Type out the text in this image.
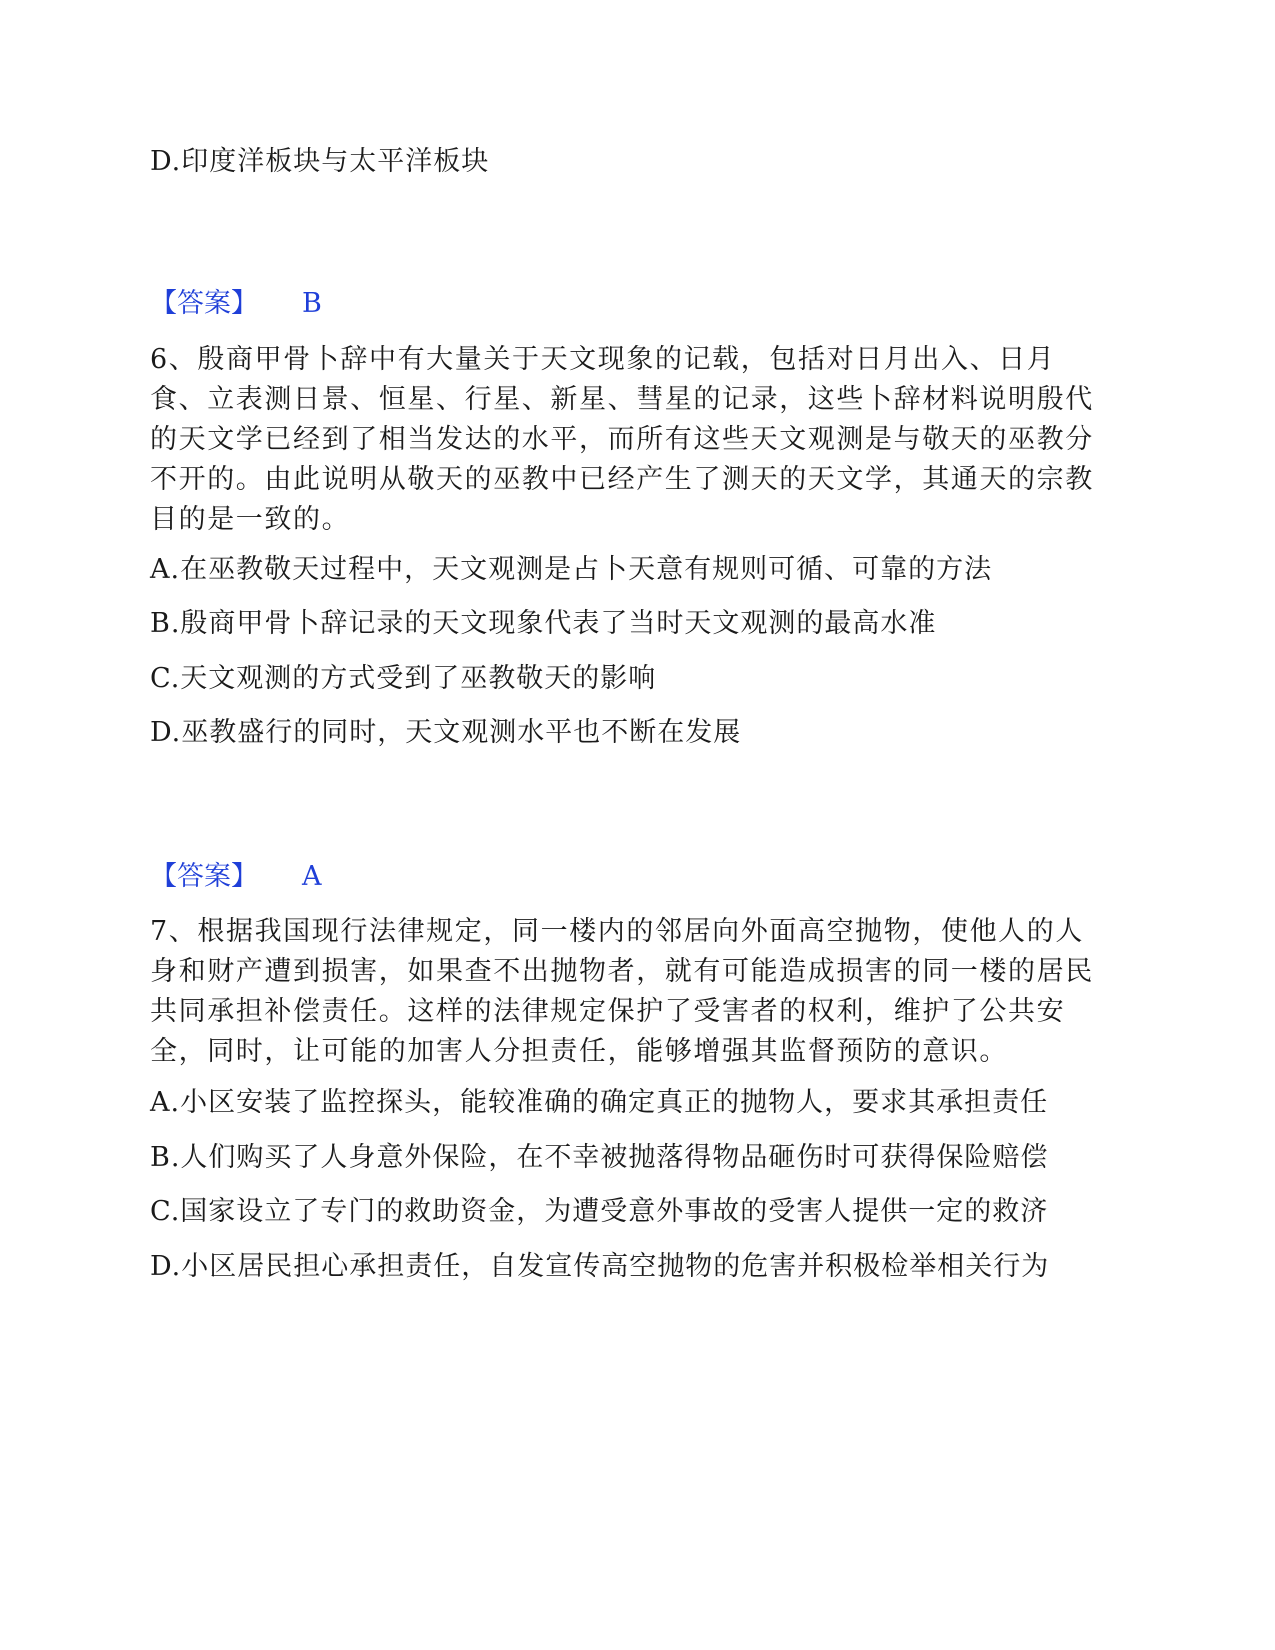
D.印度洋板块与太平洋板块
【答案】 B
6、殷商甲骨卜辞中有大量关于天文现象的记载，包括对日月出入、日月食、立表测日景、恒星、行星、新星、彗星的记录，这些卜辞材料说明殷代的天文学已经到了相当发达的水平，而所有这些天文观测是与敬天的巫教分不开的。由此说明从敬天的巫教中已经产生了测天的天文学，其通天的宗教目的是一致的。
A.在巫教敬天过程中，天文观测是占卜天意有规则可循、可靠的方法
B.殷商甲骨卜辞记录的天文现象代表了当时天文观测的最高水准
C.天文观测的方式受到了巫教敬天的影响
D.巫教盛行的同时，天文观测水平也不断在发展
【答案】 A
7、根据我国现行法律规定，同一楼内的邻居向外面高空抛物，使他人的人身和财产遭到损害，如果查不出抛物者，就有可能造成损害的同一楼的居民共同承担补偿责任。这样的法律规定保护了受害者的权利，维护了公共安全，同时，让可能的加害人分担责任，能够增强其监督预防的意识。
A.小区安装了监控探头，能较准确的确定真正的抛物人，要求其承担责任
B.人们购买了人身意外保险，在不幸被抛落得物品砸伤时可获得保险赔偿
C.国家设立了专门的救助资金，为遭受意外事故的受害人提供一定的救济
D.小区居民担心承担责任，自发宣传高空抛物的危害并积极检举相关行为
